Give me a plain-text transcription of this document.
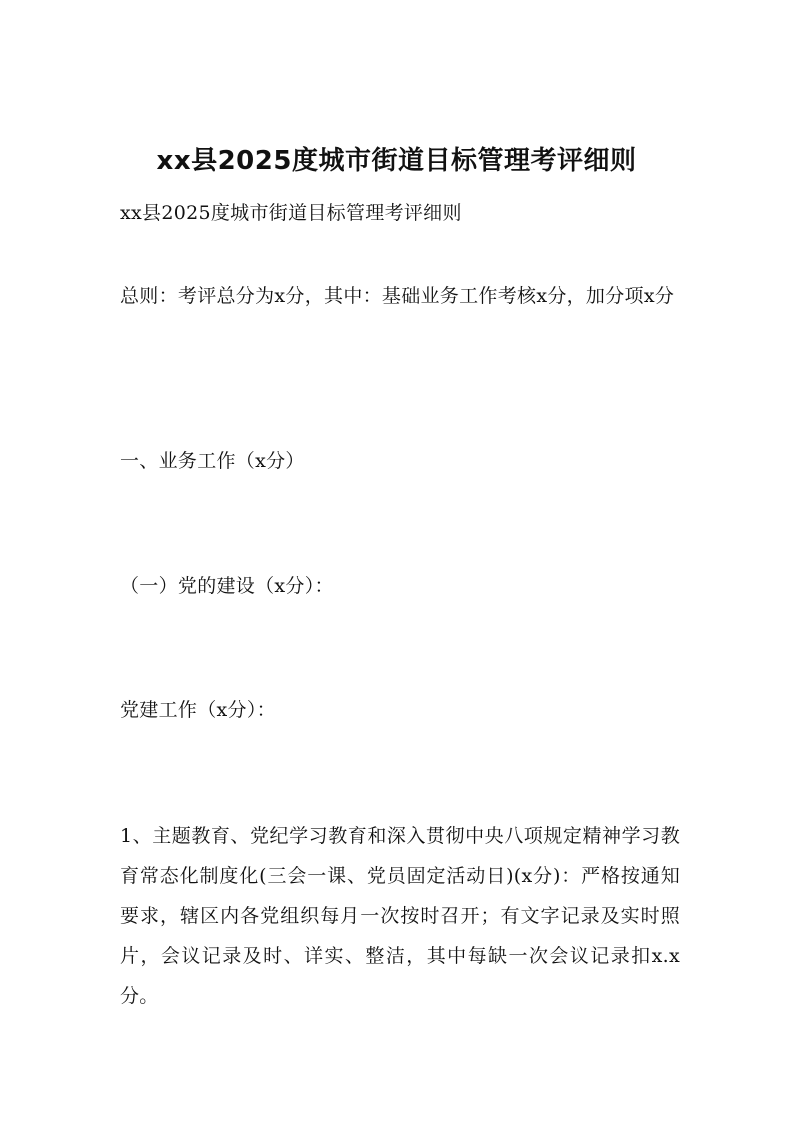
xx县2025度城市街道目标管理考评细则

xx县2025度城市街道目标管理考评细则

总则：考评总分为x分，其中：基础业务工作考核x分，加分项x分

一、业务工作（x分）

（一）党的建设（x分）：

党建工作（x分）：

1、主题教育、党纪学习教育和深入贯彻中央八项规定精神学习教育常态化制度化(三会一课、党员固定活动日)(x分)：严格按通知要求，辖区内各党组织每月一次按时召开；有文字记录及实时照片，会议记录及时、详实、整洁，其中每缺一次会议记录扣x.x分。
